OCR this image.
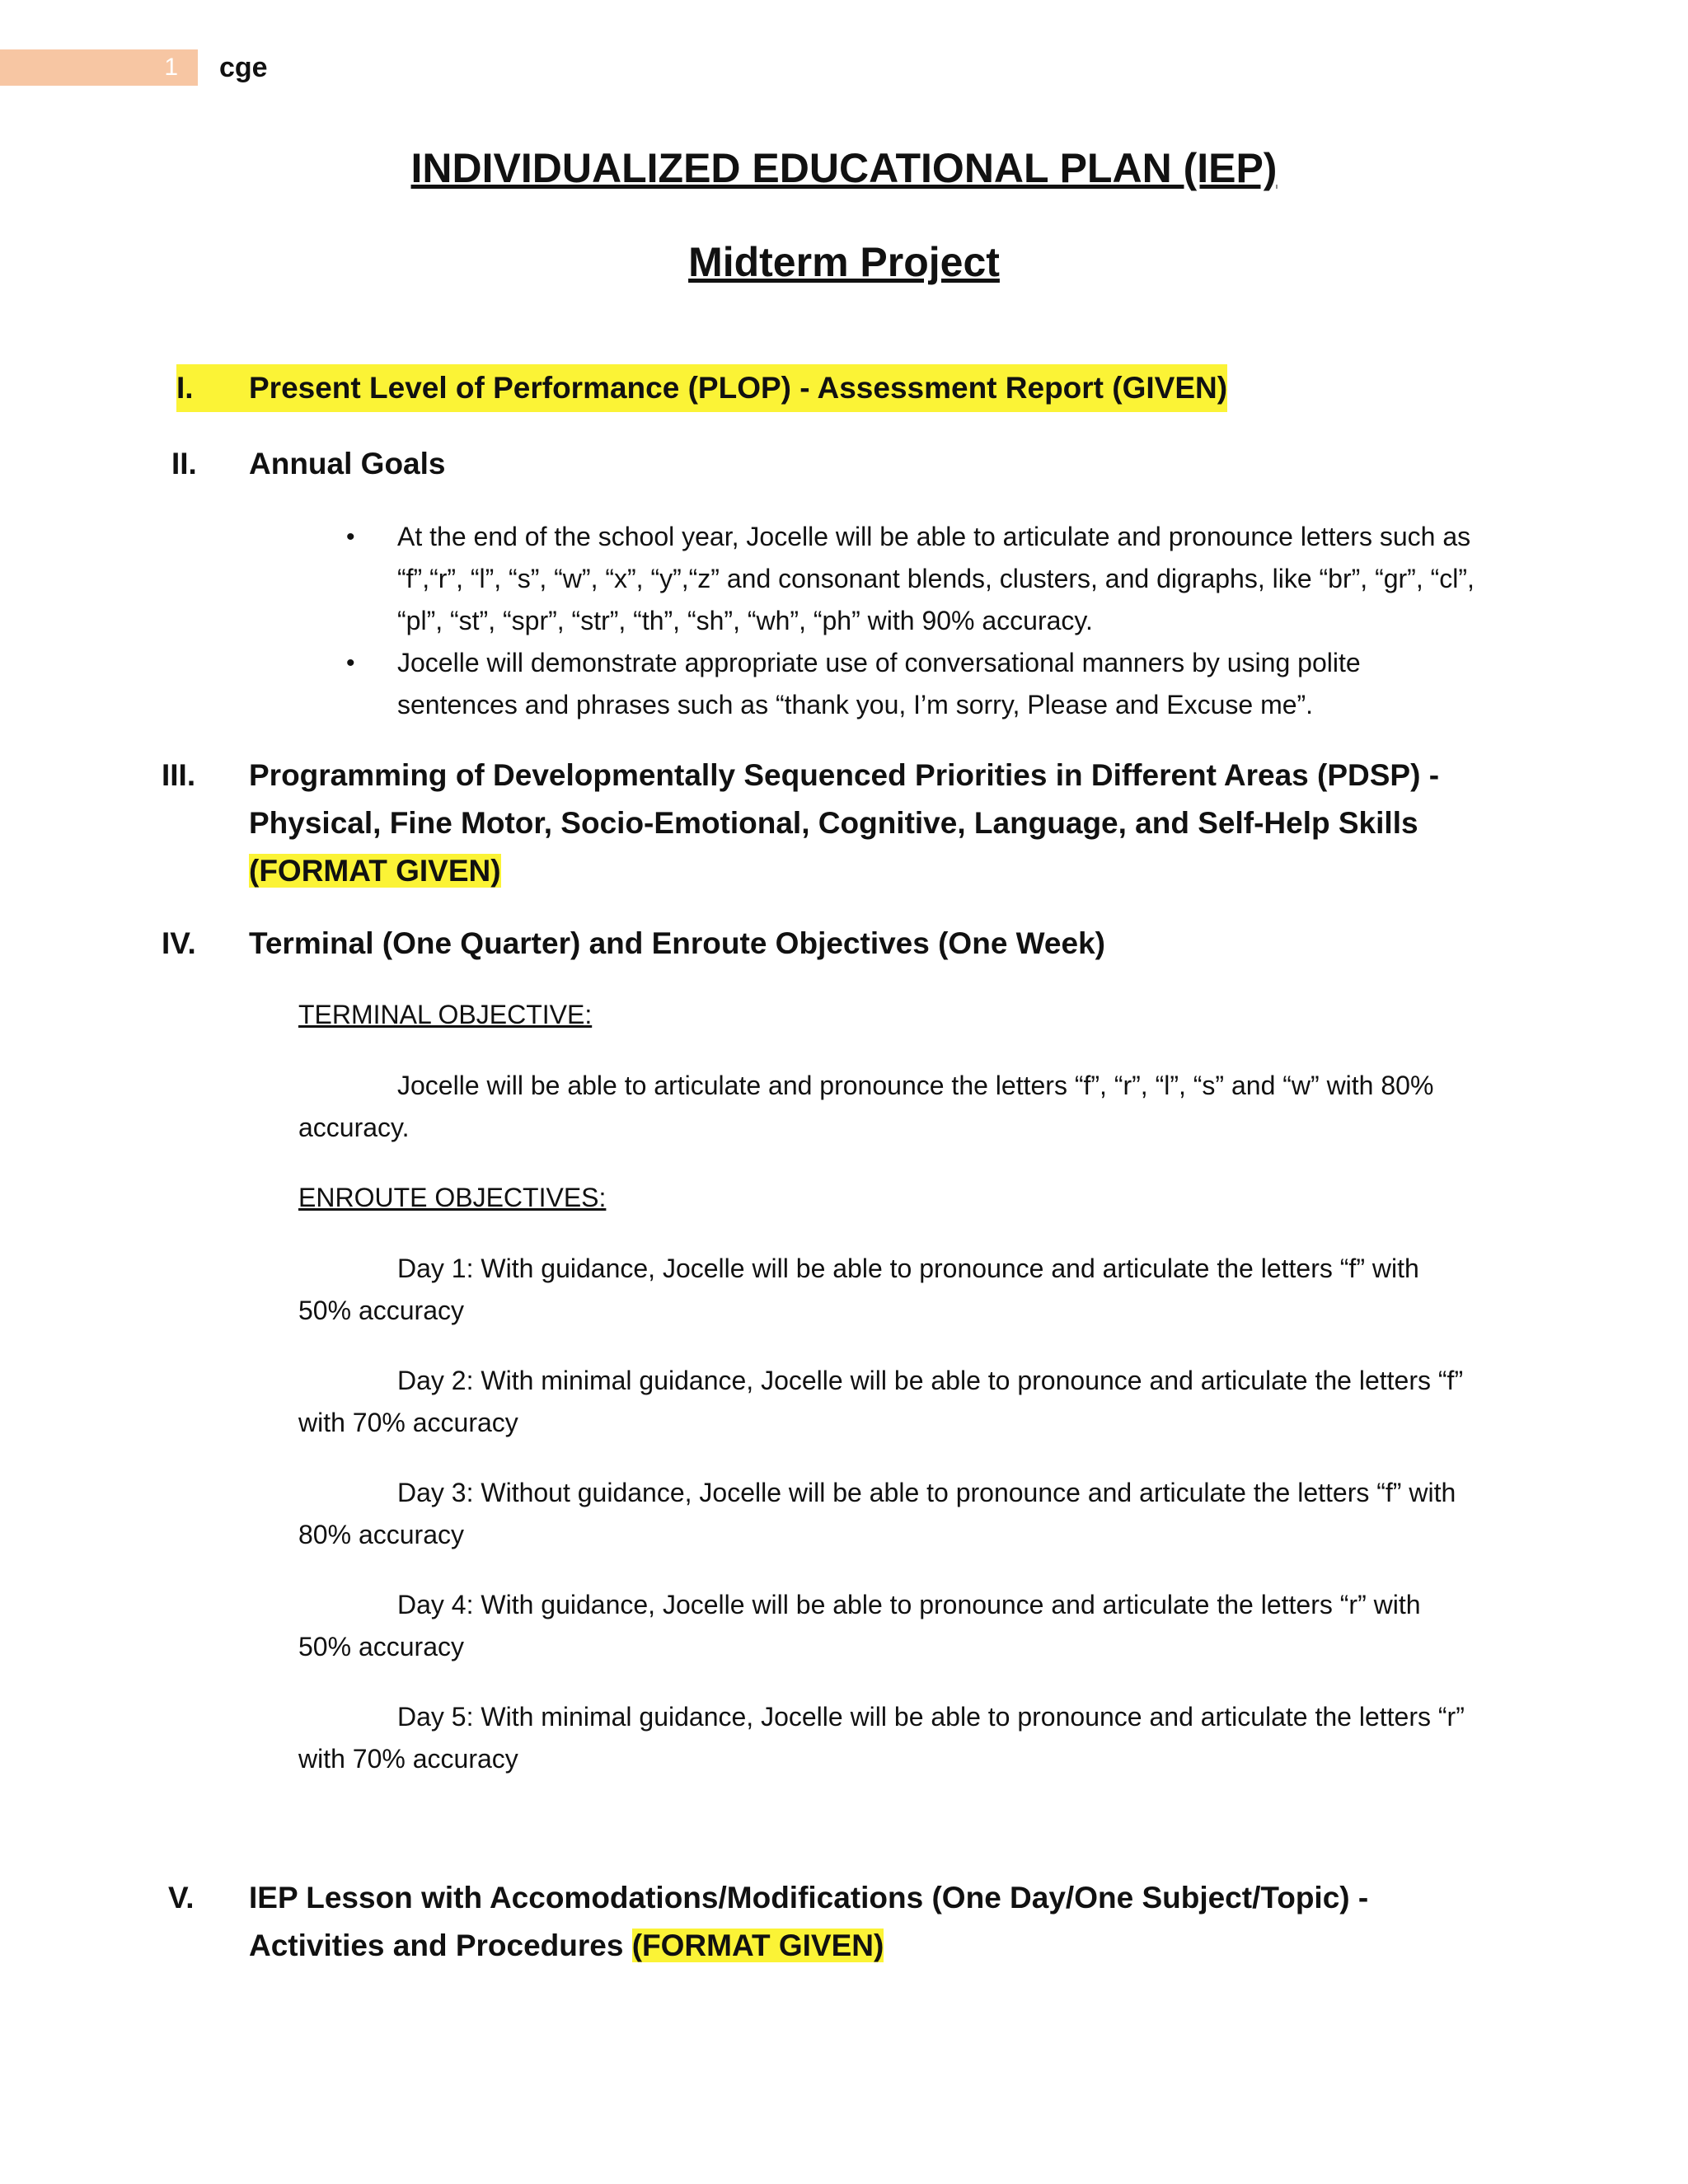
1	cge
INDIVIDUALIZED EDUCATIONAL PLAN (IEP)
Midterm Project
I.	Present Level of Performance (PLOP) - Assessment Report (GIVEN)
II. Annual Goals
• At the end of the school year, Jocelle will be able to articulate and pronounce letters such as “f”,“r”, “l”, “s”, “w”, “x”, “y”,“z” and consonant blends, clusters, and digraphs, like “br”, “gr”, “cl”, “pl”, “st”, “spr”, “str”, “th”, “sh”, “wh”, “ph” with 90% accuracy.
• Jocelle will demonstrate appropriate use of conversational manners by using polite sentences and phrases such as “thank you, I’m sorry, Please and Excuse me”.
III. Programming of Developmentally Sequenced Priorities in Different Areas (PDSP) -
Physical, Fine Motor, Socio-Emotional, Cognitive, Language, and Self-Help Skills
(FORMAT GIVEN)
IV. Terminal (One Quarter) and Enroute Objectives (One Week)
TERMINAL OBJECTIVE:
Jocelle will be able to articulate and pronounce the letters “f”, “r”, “l”, “s” and “w” with 80% accuracy.
ENROUTE OBJECTIVES:
Day 1: With guidance, Jocelle will be able to pronounce and articulate the letters “f” with 50% accuracy
Day 2: With minimal guidance, Jocelle will be able to pronounce and articulate the letters “f” with 70% accuracy
Day 3: Without guidance, Jocelle will be able to pronounce and articulate the letters “f” with 80% accuracy
Day 4: With guidance, Jocelle will be able to pronounce and articulate the letters “r” with 50% accuracy
Day 5: With minimal guidance, Jocelle will be able to pronounce and articulate the letters “r” with 70% accuracy
V. IEP Lesson with Accomodations/Modifications (One Day/One Subject/Topic) -
Activities and Procedures (FORMAT GIVEN)
